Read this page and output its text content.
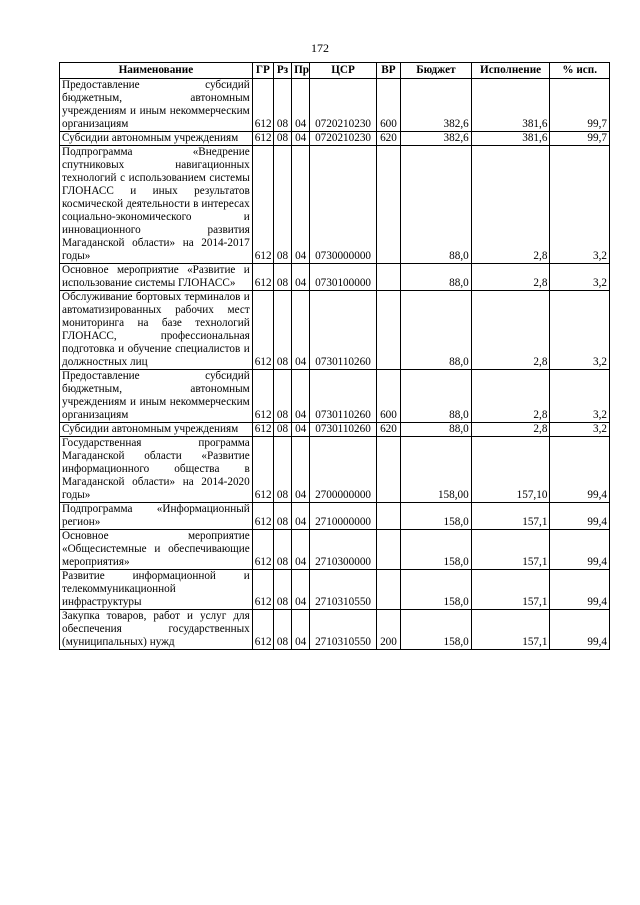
172
Наименование	ГР	Рз	Пр	ЦСР	ВР	Бюджет	Исполнение	% исп.
Предоставление субсидий бюджетным, автономным учреждениям и иным некоммерческим организациям	612	08	04	0720210230	600	382,6	381,6	99,7
Субсидии автономным учреждениям	612	08	04	0720210230	620	382,6	381,6	99,7
Подпрограмма «Внедрение спутниковых навигационных технологий с использованием системы ГЛОНАСС и иных результатов космической деятельности в интересах социально-экономического и инновационного развития Магаданской области» на 2014-2017 годы»	612	08	04	0730000000		88,0	2,8	3,2
Основное мероприятие «Развитие и использование системы ГЛОНАСС»	612	08	04	0730100000		88,0	2,8	3,2
Обслуживание бортовых терминалов и автоматизированных рабочих мест мониторинга на базе технологий ГЛОНАСС, профессиональная подготовка и обучение специалистов и должностных лиц	612	08	04	0730110260		88,0	2,8	3,2
Предоставление субсидий бюджетным, автономным учреждениям и иным некоммерческим организациям	612	08	04	0730110260	600	88,0	2,8	3,2
Субсидии автономным учреждениям	612	08	04	0730110260	620	88,0	2,8	3,2
Государственная программа Магаданской области «Развитие информационного общества в Магаданской области» на 2014-2020 годы»	612	08	04	2700000000		158,00	157,10	99,4
Подпрограмма «Информационный регион»	612	08	04	2710000000		158,0	157,1	99,4
Основное мероприятие «Общесистемные и обеспечивающие мероприятия»	612	08	04	2710300000		158,0	157,1	99,4
Развитие информационной и телекоммуникационной инфраструктуры	612	08	04	2710310550		158,0	157,1	99,4
Закупка товаров, работ и услуг для обеспечения государственных (муниципальных) нужд	612	08	04	2710310550	200	158,0	157,1	99,4
